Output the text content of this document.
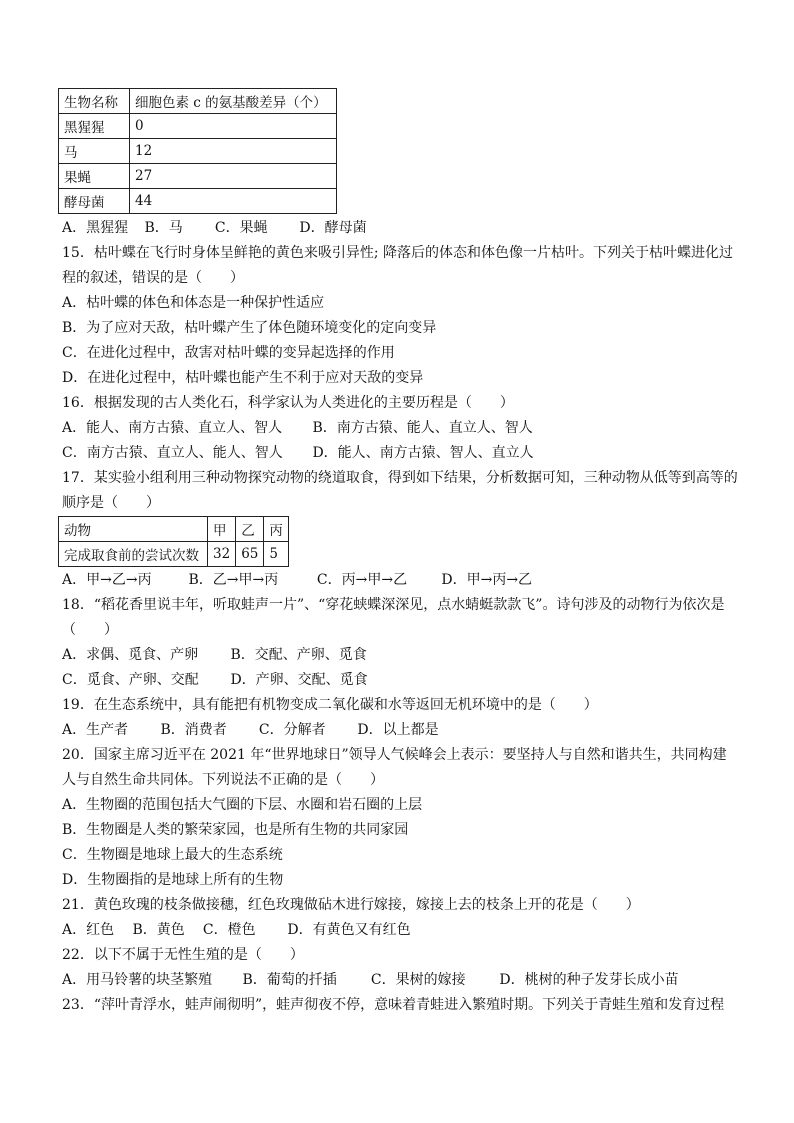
生物名称	细胞色素 c 的氨基酸差异（个）
黑猩猩	0
马	12
果蝇	27
酵母菌	44
A．黑猩猩 B．马 C．果蝇 D．酵母菌
15．枯叶蝶在飞行时身体呈鲜艳的黄色来吸引异性; 降落后的体态和体色像一片枯叶。下列关于枯叶蝶进化过
程的叙述，错误的是（　　）
A．枯叶蝶的体色和体态是一种保护性适应
B．为了应对天敌，枯叶蝶产生了体色随环境变化的定向变异
C．在进化过程中，敌害对枯叶蝶的变异起选择的作用
D．在进化过程中，枯叶蝶也能产生不利于应对天敌的变异
16．根据发现的古人类化石，科学家认为人类进化的主要历程是（　　）
A．能人、南方古猿、直立人、智人 B．南方古猿、能人、直立人、智人
C．南方古猿、直立人、能人、智人 D．能人、南方古猿、智人、直立人
17．某实验小组利用三种动物探究动物的绕道取食，得到如下结果，分析数据可知，三种动物从低等到高等的
顺序是（　　）
动物	甲	乙	丙
完成取食前的尝试次数	32	65	5
A．甲→乙→丙	B．乙→甲→丙	C．丙→甲→乙 D．甲→丙→乙
18．“稻花香里说丰年，听取蛙声一片”、“穿花蛱蝶深深见，点水蜻蜓款款飞”。诗句涉及的动物行为依次是
（　　）
A．求偶、觅食、产卵 B．交配、产卵、觅食
C．觅食、产卵、交配 D．产卵、交配、觅食
19．在生态系统中，具有能把有机物变成二氧化碳和水等返回无机环境中的是（　　）
A．生产者 B．消费者 C．分解者 D．以上都是
20．国家主席习近平在 2021 年“世界地球日”领导人气候峰会上表示：要坚持人与自然和谐共生，共同构建
人与自然生命共同体。下列说法不正确的是（　　）
A．生物圈的范围包括大气圈的下层、水圈和岩石圈的上层
B．生物圈是人类的繁荣家园，也是所有生物的共同家园
C．生物圈是地球上最大的生态系统
D．生物圈指的是地球上所有的生物
21．黄色玫瑰的枝条做接穗，红色玫瑰做砧木进行嫁接，嫁接上去的枝条上开的花是（　　）
A．红色 B．黄色 C．橙色 D．有黄色又有红色
22．以下不属于无性生殖的是（　　）
A．用马铃薯的块茎繁殖 B．葡萄的扦插 C．果树的嫁接 D．桃树的种子发芽长成小苗
23．“萍叶青浮水，蛙声闹彻明”，蛙声彻夜不停，意味着青蛙进入繁殖时期。下列关于青蛙生殖和发育过程
